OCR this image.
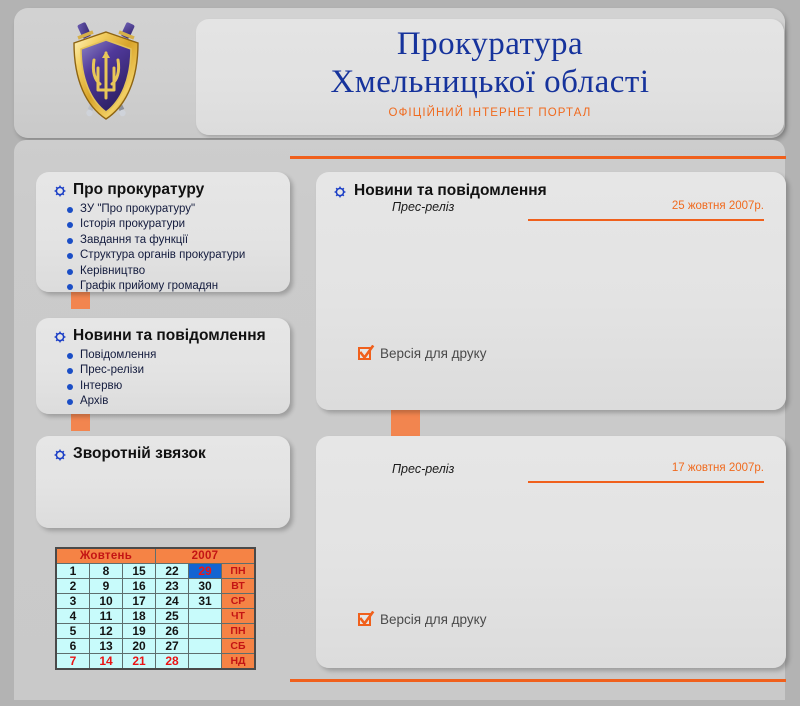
Прокуратура
Хмельницької області
ОФІЦІЙНИЙ ІНТЕРНЕТ ПОРТАЛ
Про прокуратуру
ЗУ "Про прокуратуру"
Історія прокуратури
Завдання та функції
Структура органів прокуратури
Керівництво
Графік прийому громадян
Новини та повідомлення
Повідомлення
Прес-релізи
Інтервю
Архів
Зворотній звязок
Жовтень			2007		
1	8	15	22	29	ПН
2	9	16	23	30	ВТ
3	10	17	24	31	СР
4	11	18	25		ЧТ
5	12	19	26		ПН
6	13	20	27		СБ
7	14	21	28		НД
Новини та повідомлення
Прес-реліз	25 жовтня 2007р.
Версія для друку
Прес-реліз	17 жовтня 2007р.
Версія для друку
